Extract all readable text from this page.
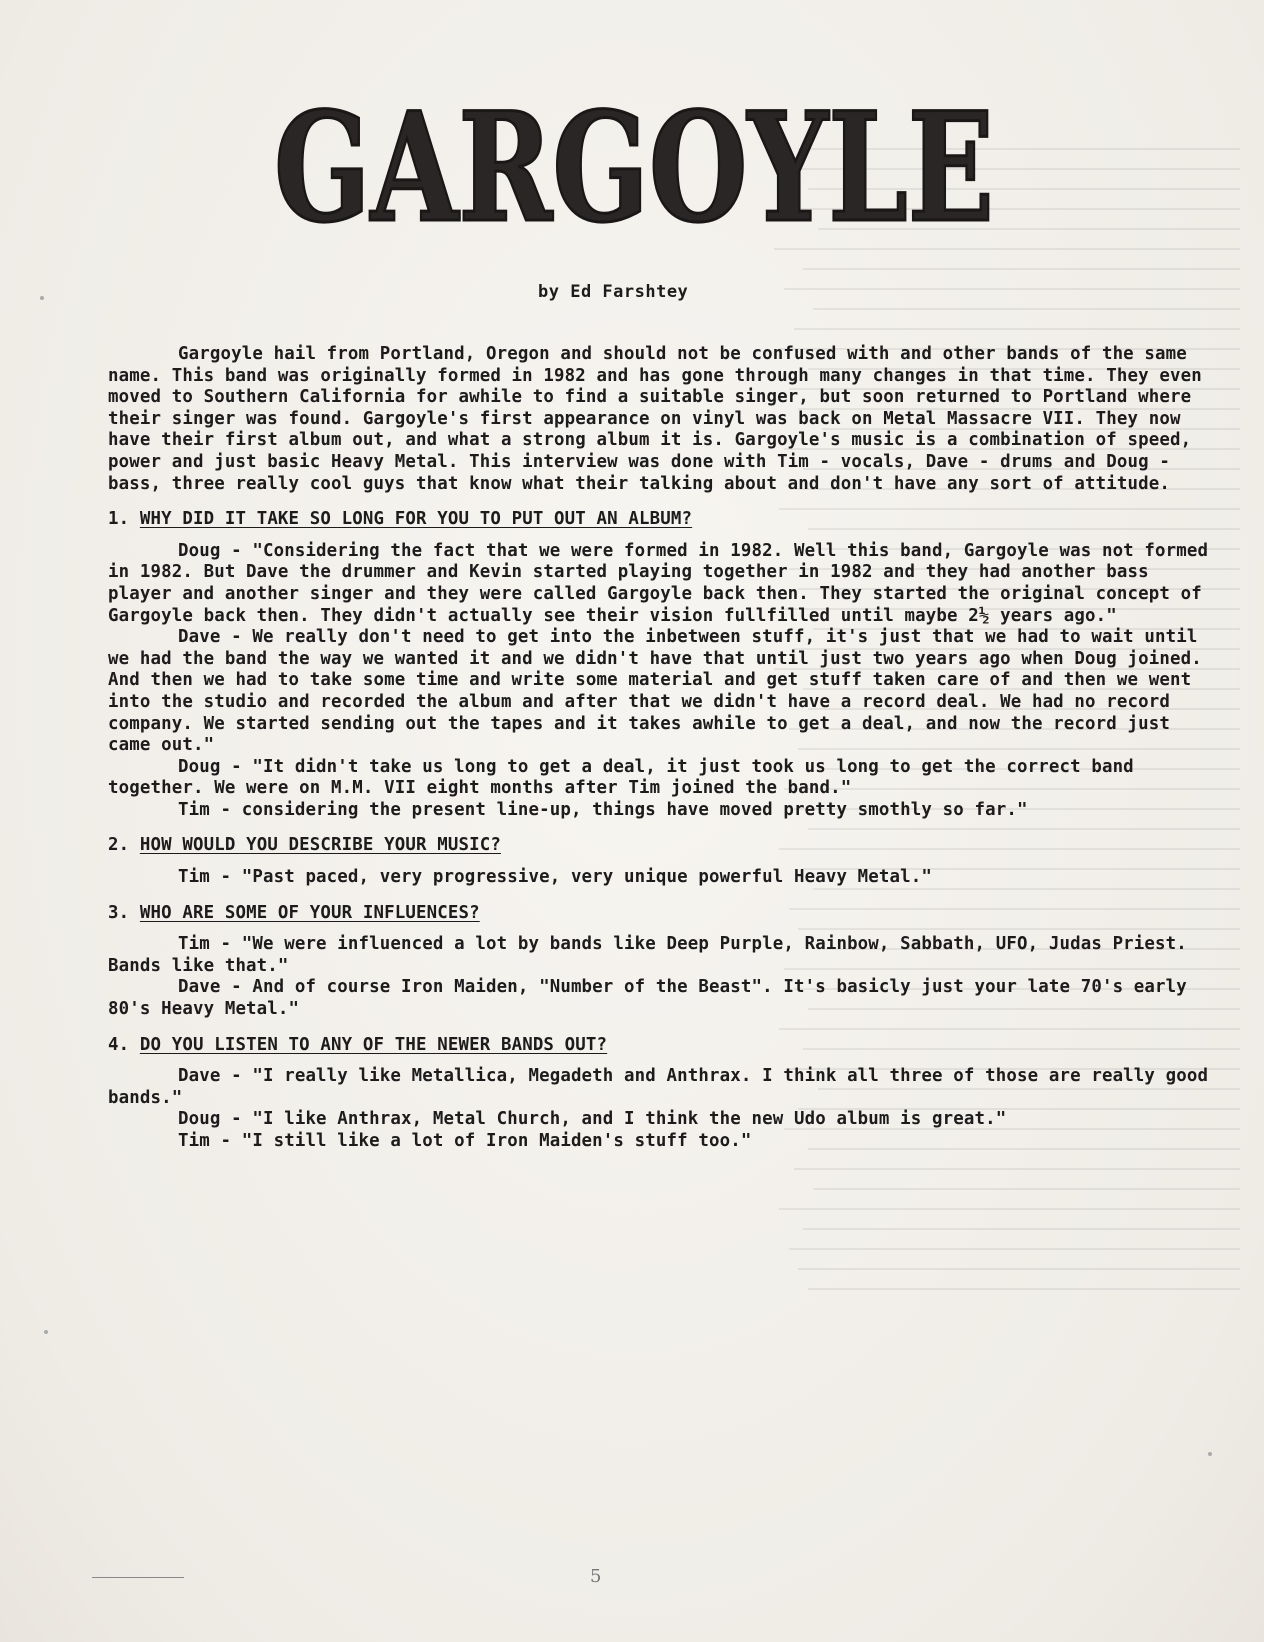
GARGOYLE
by Ed Farshtey

Gargoyle hail from Portland, Oregon and should not be confused with and other bands of the same name. This band was originally formed in 1982 and has gone through many changes in that time. They even moved to Southern California for awhile to find a suitable singer, but soon returned to Portland where their singer was found. Gargoyle's first appearance on vinyl was back on Metal Massacre VII. They now have their first album out, and what a strong album it is. Gargoyle's music is a combination of speed, power and just basic Heavy Metal. This interview was done with Tim - vocals, Dave - drums and Doug - bass, three really cool guys that know what their talking about and don't have any sort of attitude.

1. WHY DID IT TAKE SO LONG FOR YOU TO PUT OUT AN ALBUM?

Doug - "Considering the fact that we were formed in 1982. Well this band, Gargoyle was not formed in 1982. But Dave the drummer and Kevin started playing together in 1982 and they had another bass player and another singer and they were called Gargoyle back then. They started the original concept of Gargoyle back then. They didn't actually see their vision fullfilled until maybe 2½ years ago."

Dave - We really don't need to get into the inbetween stuff, it's just that we had to wait until we had the band the way we wanted it and we didn't have that until just two years ago when Doug joined. And then we had to take some time and write some material and get stuff taken care of and then we went into the studio and recorded the album and after that we didn't have a record deal. We had no record company. We started sending out the tapes and it takes awhile to get a deal, and now the record just came out."

Doug - "It didn't take us long to get a deal, it just took us long to get the correct band together. We were on M.M. VII eight months after Tim joined the band."

Tim - considering the present line-up, things have moved pretty smothly so far."

2. HOW WOULD YOU DESCRIBE YOUR MUSIC?

Tim - "Past paced, very progressive, very unique powerful Heavy Metal."

3. WHO ARE SOME OF YOUR INFLUENCES?

Tim - "We were influenced a lot by bands like Deep Purple, Rainbow, Sabbath, UFO, Judas Priest. Bands like that."

Dave - And of course Iron Maiden, "Number of the Beast". It's basicly just your late 70's early 80's Heavy Metal."

4. DO YOU LISTEN TO ANY OF THE NEWER BANDS OUT?

Dave - "I really like Metallica, Megadeth and Anthrax. I think all three of those are really good bands."

Doug - "I like Anthrax, Metal Church, and I think the new Udo album is great."

Tim - "I still like a lot of Iron Maiden's stuff too."

5
